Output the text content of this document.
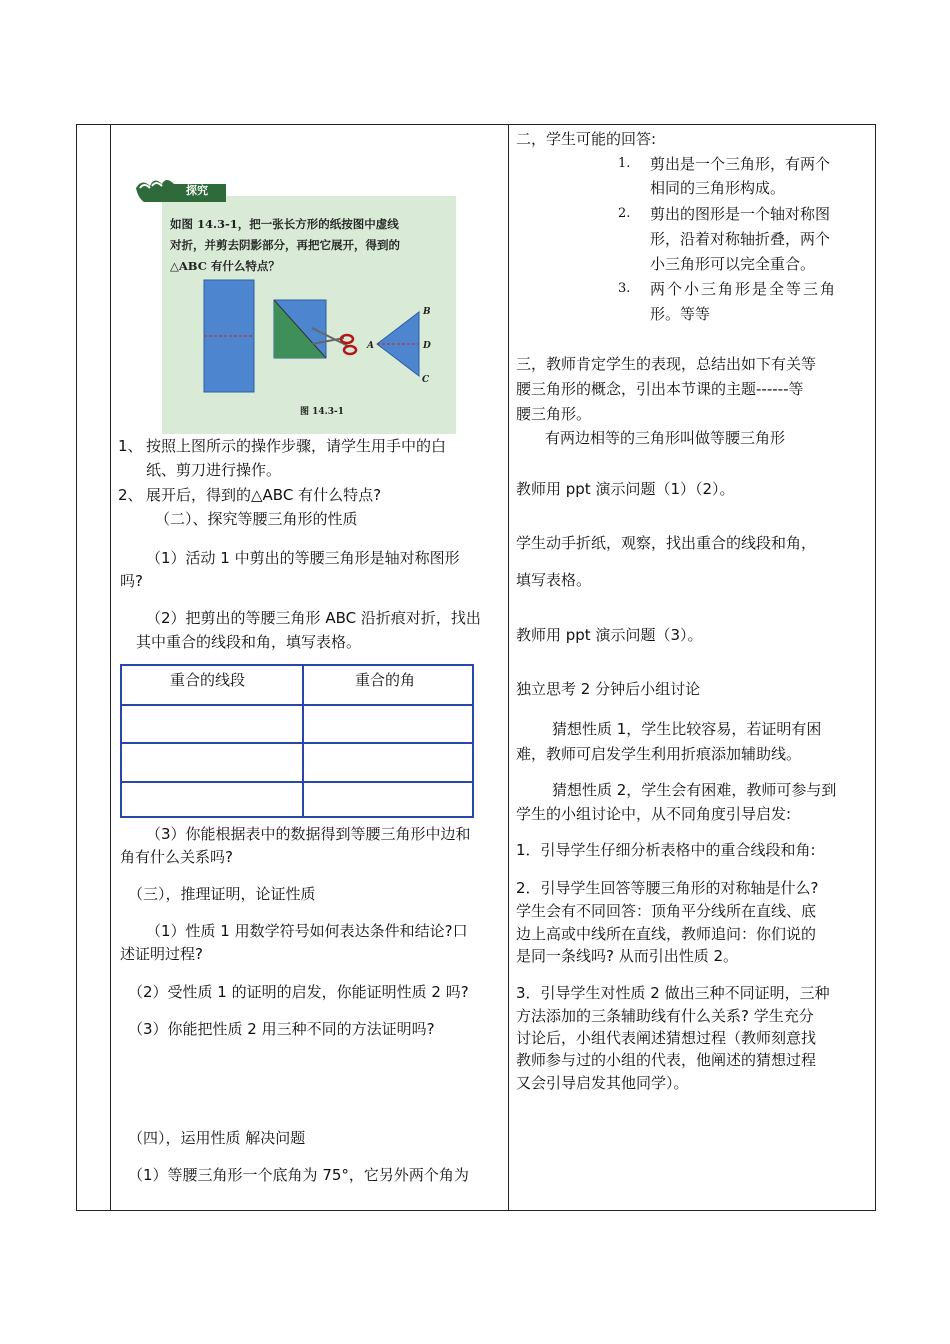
探究
如图 14.3-1，把一张长方形的纸按图中虚线
对折，并剪去阴影部分，再把它展开，得到的
△ABC 有什么特点？
A
B
D
C
图 14.3-1
1、 按照上图所示的操作步骤，请学生用手中的白
纸、剪刀进行操作。
2、 展开后，得到的△ABC 有什么特点?
（二）、探究等腰三角形的性质
（1）活动 1 中剪出的等腰三角形是轴对称图形
吗?
（2）把剪出的等腰三角形 ABC 沿折痕对折，找出
其中重合的线段和角，填写表格。
重合的线段	重合的角
（3）你能根据表中的数据得到等腰三角形中边和
角有什么关系吗?
（三），推理证明，论证性质
（1）性质 1 用数学符号如何表达条件和结论?口
述证明过程?
（2）受性质 1 的证明的启发，你能证明性质 2 吗?
（3）你能把性质 2 用三种不同的方法证明吗?
（四），运用性质 解决问题
（1）等腰三角形一个底角为 75°，它另外两个角为
二，学生可能的回答:
1. 剪出是一个三角形，有两个
相同的三角形构成。
2. 剪出的图形是一个轴对称图
形，沿着对称轴折叠，两个
小三角形可以完全重合。
3. 两个小三角形是全等三角
形。等等
三，教师肯定学生的表现，总结出如下有关等
腰三角形的概念，引出本节课的主题------等
腰三角形。
有两边相等的三角形叫做等腰三角形
教师用 ppt 演示问题（1）（2）。
学生动手折纸，观察，找出重合的线段和角，
填写表格。
教师用 ppt 演示问题（3）。
独立思考 2 分钟后小组讨论
猜想性质 1，学生比较容易，若证明有困
难，教师可启发学生利用折痕添加辅助线。
猜想性质 2，学生会有困难，教师可参与到
学生的小组讨论中，从不同角度引导启发:
1．引导学生仔细分析表格中的重合线段和角:
2．引导学生回答等腰三角形的对称轴是什么?
学生会有不同回答：顶角平分线所在直线、底
边上高或中线所在直线，教师追问：你们说的
是同一条线吗? 从而引出性质 2。
3．引导学生对性质 2 做出三种不同证明，三种
方法添加的三条辅助线有什么关系? 学生充分
讨论后，小组代表阐述猜想过程（教师刻意找
教师参与过的小组的代表，他阐述的猜想过程
又会引导启发其他同学）。
